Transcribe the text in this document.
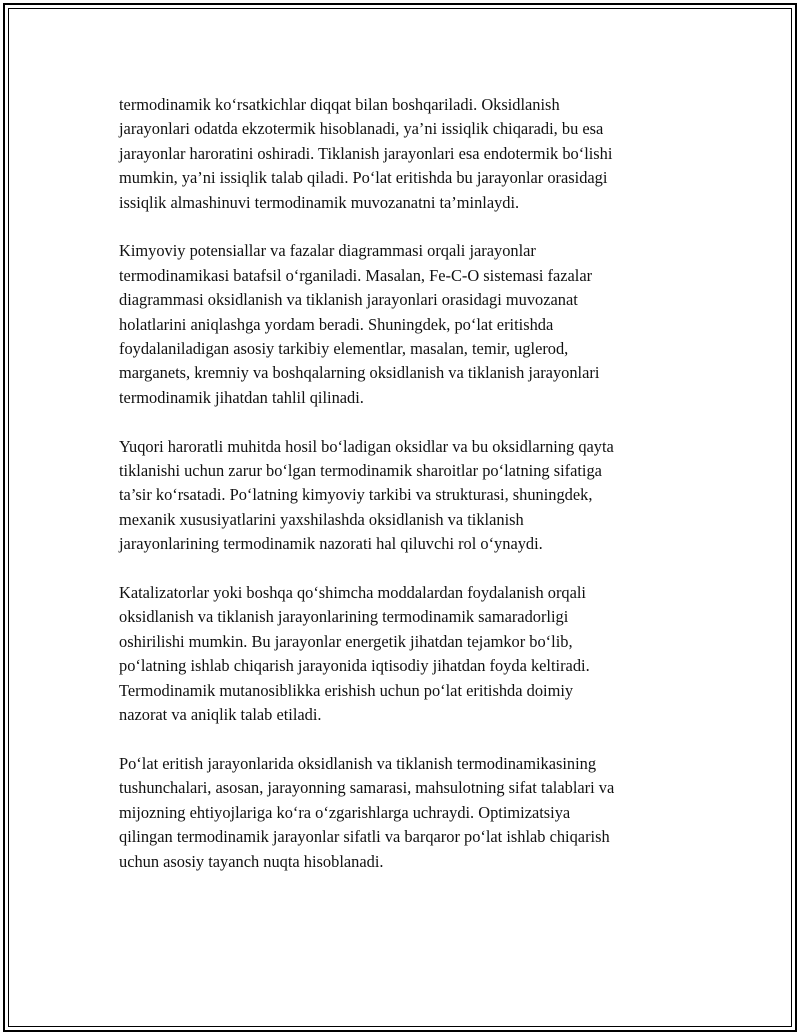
termodinamik ko‘rsatkichlar diqqat bilan boshqariladi. Oksidlanish
jarayonlari odatda ekzotermik hisoblanadi, ya’ni issiqlik chiqaradi, bu esa
jarayonlar haroratini oshiradi. Tiklanish jarayonlari esa endotermik bo‘lishi
mumkin, ya’ni issiqlik talab qiladi. Po‘lat eritishda bu jarayonlar orasidagi
issiqlik almashinuvi termodinamik muvozanatni ta’minlaydi.

Kimyoviy potensiallar va fazalar diagrammasi orqali jarayonlar
termodinamikasi batafsil o‘rganiladi. Masalan, Fe-C-O sistemasi fazalar
diagrammasi oksidlanish va tiklanish jarayonlari orasidagi muvozanat
holatlarini aniqlashga yordam beradi. Shuningdek, po‘lat eritishda
foydalaniladigan asosiy tarkibiy elementlar, masalan, temir, uglerod,
marganets, kremniy va boshqalarning oksidlanish va tiklanish jarayonlari
termodinamik jihatdan tahlil qilinadi.

Yuqori haroratli muhitda hosil bo‘ladigan oksidlar va bu oksidlarning qayta
tiklanishi uchun zarur bo‘lgan termodinamik sharoitlar po‘latning sifatiga
ta’sir ko‘rsatadi. Po‘latning kimyoviy tarkibi va strukturasi, shuningdek,
mexanik xususiyatlarini yaxshilashda oksidlanish va tiklanish
jarayonlarining termodinamik nazorati hal qiluvchi rol o‘ynaydi.

Katalizatorlar yoki boshqa qo‘shimcha moddalardan foydalanish orqali
oksidlanish va tiklanish jarayonlarining termodinamik samaradorligi
oshirilishi mumkin. Bu jarayonlar energetik jihatdan tejamkor bo‘lib,
po‘latning ishlab chiqarish jarayonida iqtisodiy jihatdan foyda keltiradi.
Termodinamik mutanosiblikka erishish uchun po‘lat eritishda doimiy
nazorat va aniqlik talab etiladi.

Po‘lat eritish jarayonlarida oksidlanish va tiklanish termodinamikasining
tushunchalari, asosan, jarayonning samarasi, mahsulotning sifat talablari va
mijozning ehtiyojlariga ko‘ra o‘zgarishlarga uchraydi. Optimizatsiya
qilingan termodinamik jarayonlar sifatli va barqaror po‘lat ishlab chiqarish
uchun asosiy tayanch nuqta hisoblanadi.
